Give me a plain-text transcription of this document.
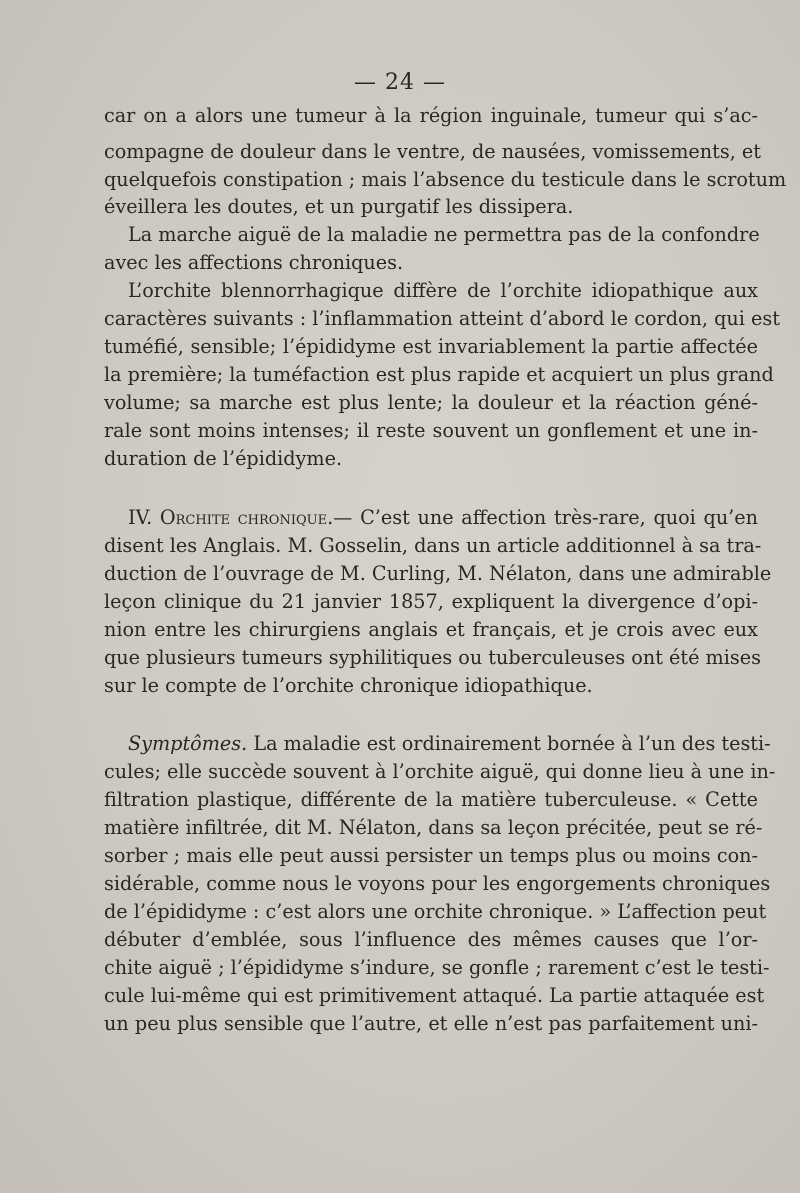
— 24 —
car on a alors une tumeur à la région inguinale, tumeur qui s’ac-
compagne de douleur dans le ventre, de nausées, vomissements, et
quelquefois constipation ; mais l’absence du testicule dans le scrotum
éveillera les doutes, et un purgatif les dissipera.
La marche aiguë de la maladie ne permettra pas de la confondre
avec les affections chroniques.
L’orchite blennorrhagique diffère de l’orchite idiopathique aux
caractères suivants : l’inflammation atteint d’abord le cordon, qui est
tuméfié, sensible; l’épididyme est invariablement la partie affectée
la première; la tuméfaction est plus rapide et acquiert un plus grand
volume; sa marche est plus lente; la douleur et la réaction géné-
rale sont moins intenses; il reste souvent un gonflement et une in-
duration de l’épididyme.
IV. Orchite chronique.— C’est une affection très-rare, quoi qu’en
disent les Anglais. M. Gosselin, dans un article additionnel à sa tra-
duction de l’ouvrage de M. Curling, M. Nélaton, dans une admirable
leçon clinique du 21 janvier 1857, expliquent la divergence d’opi-
nion entre les chirurgiens anglais et français, et je crois avec eux
que plusieurs tumeurs syphilitiques ou tuberculeuses ont été mises
sur le compte de l’orchite chronique idiopathique.
Symptômes. La maladie est ordinairement bornée à l’un des testi-
cules; elle succède souvent à l’orchite aiguë, qui donne lieu à une in-
filtration plastique, différente de la matière tuberculeuse. « Cette
matière infiltrée, dit M. Nélaton, dans sa leçon précitée, peut se ré-
sorber ; mais elle peut aussi persister un temps plus ou moins con-
sidérable, comme nous le voyons pour les engorgements chroniques
de l’épididyme : c’est alors une orchite chronique. » L’affection peut
débuter d’emblée, sous l’influence des mêmes causes que l’or-
chite aiguë ; l’épididyme s’indure, se gonfle ; rarement c’est le testi-
cule lui-même qui est primitivement attaqué. La partie attaquée est
un peu plus sensible que l’autre, et elle n’est pas parfaitement uni-
